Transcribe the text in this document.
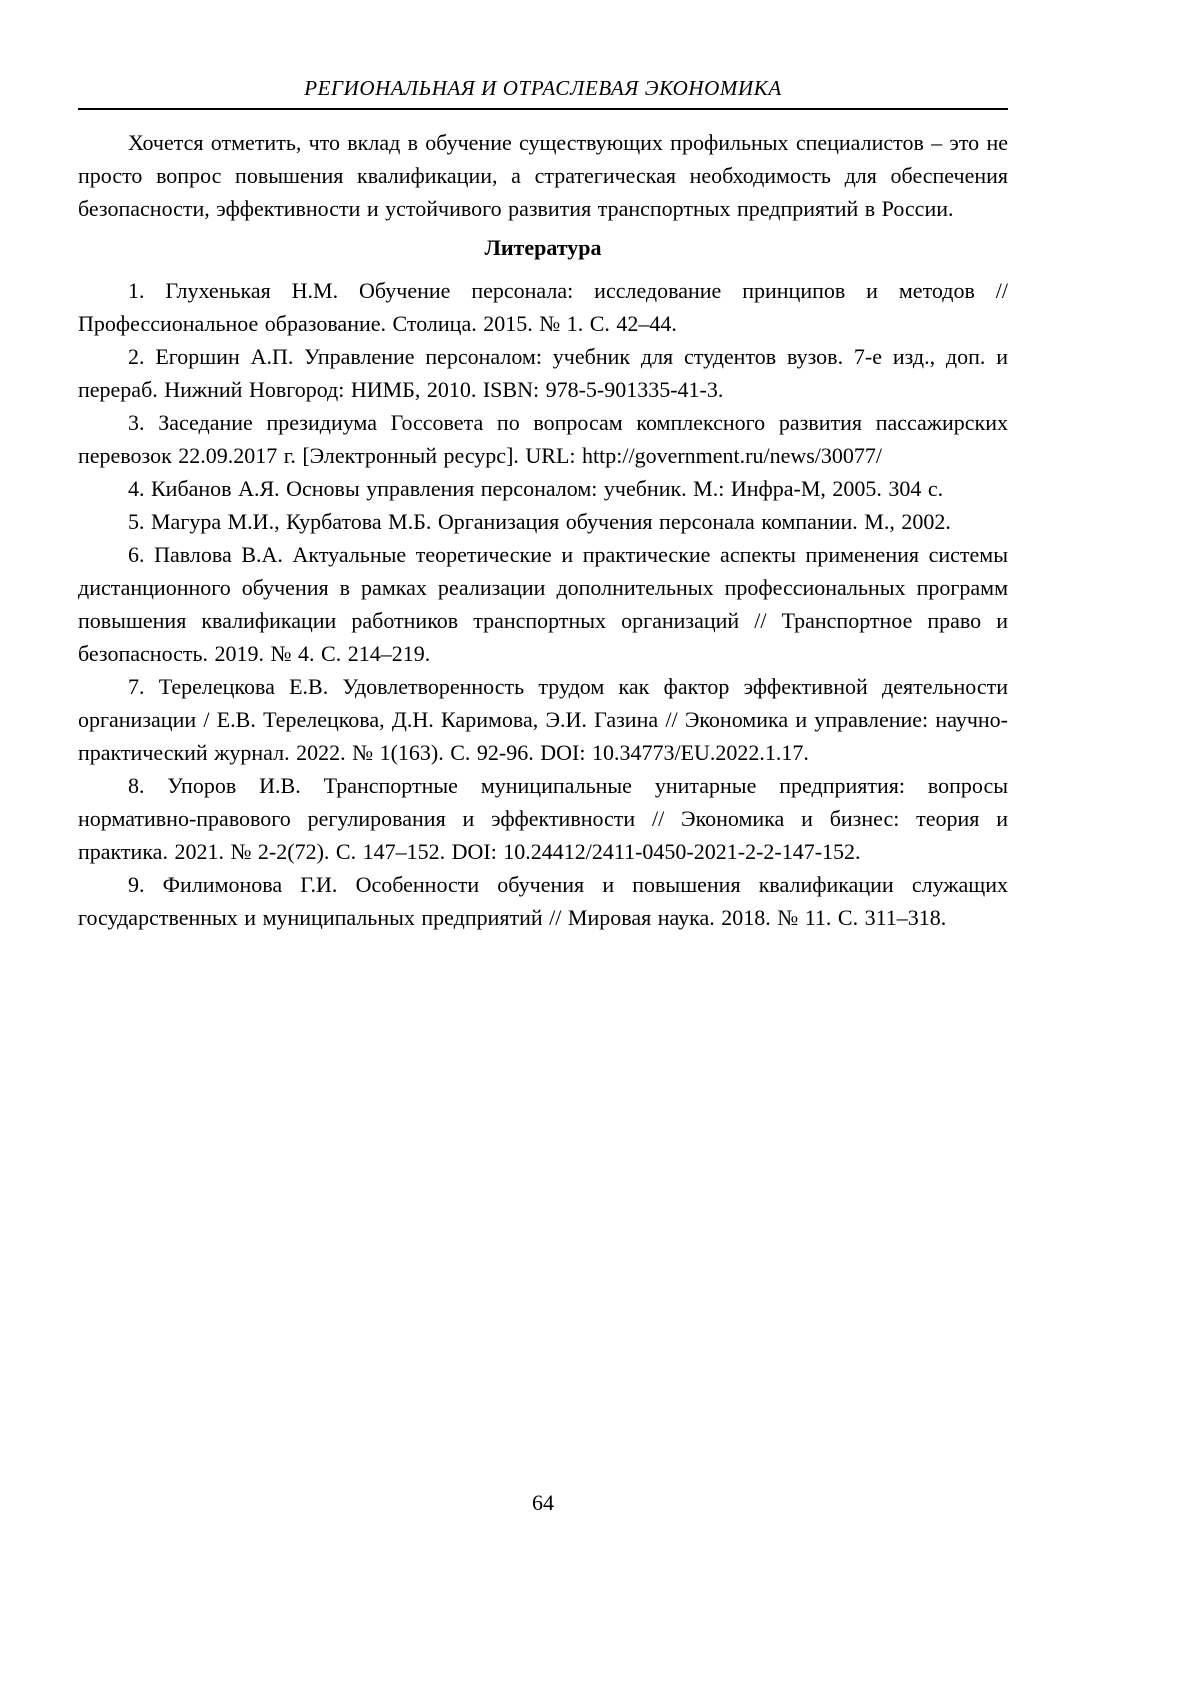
РЕГИОНАЛЬНАЯ И ОТРАСЛЕВАЯ ЭКОНОМИКА

Хочется отметить, что вклад в обучение существующих профильных специалистов – это не просто вопрос повышения квалификации, а стратегическая необходимость для обеспечения безопасности, эффективности и устойчивого развития транспортных предприятий в России.

Литература

1. Глухенькая Н.М. Обучение персонала: исследование принципов и методов // Профессиональное образование. Столица. 2015. № 1. С. 42–44.

2. Егоршин А.П. Управление персоналом: учебник для студентов вузов. 7-е изд., доп. и перераб. Нижний Новгород: НИМБ, 2010. ISBN: 978-5-901335-41-3.

3. Заседание президиума Госсовета по вопросам комплексного развития пассажирских перевозок 22.09.2017 г. [Электронный ресурс]. URL: http://government.ru/news/30077/

4. Кибанов А.Я. Основы управления персоналом: учебник. М.: Инфра-М, 2005. 304 с.

5. Магура М.И., Курбатова М.Б. Организация обучения персонала компании. М., 2002.

6. Павлова В.А. Актуальные теоретические и практические аспекты применения системы дистанционного обучения в рамках реализации дополнительных профессиональных программ повышения квалификации работников транспортных организаций // Транспортное право и безопасность. 2019. № 4. С. 214–219.

7. Терелецкова Е.В. Удовлетворенность трудом как фактор эффективной деятельности организации / Е.В. Терелецкова, Д.Н. Каримова, Э.И. Газина // Экономика и управление: научно-практический журнал. 2022. № 1(163). С. 92-96. DOI: 10.34773/EU.2022.1.17.

8. Упоров И.В. Транспортные муниципальные унитарные предприятия: вопросы нормативно-правового регулирования и эффективности // Экономика и бизнес: теория и практика. 2021. № 2-2(72). С. 147–152. DOI: 10.24412/2411-0450-2021-2-2-147-152.

9. Филимонова Г.И. Особенности обучения и повышения квалификации служащих государственных и муниципальных предприятий // Мировая наука. 2018. № 11. С. 311–318.

64
